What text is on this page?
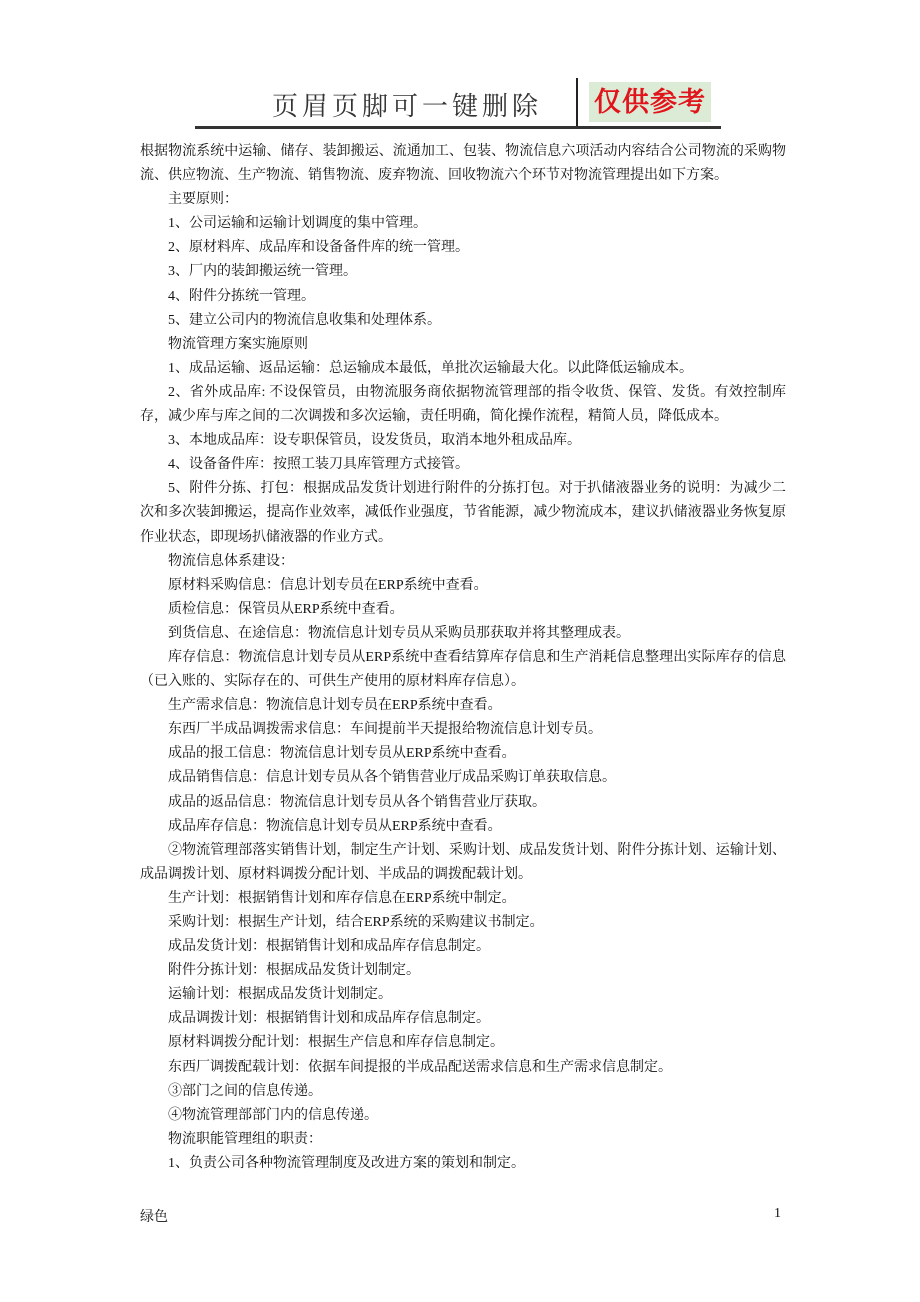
页眉页脚可一键删除 仅供参考

根据物流系统中运输、储存、装卸搬运、流通加工、包装、物流信息六项活动内容结合公司物流的采购物流、供应物流、生产物流、销售物流、废弃物流、回收物流六个环节对物流管理提出如下方案。

主要原则：

1、公司运输和运输计划调度的集中管理。

2、原材料库、成品库和设备备件库的统一管理。

3、厂内的装卸搬运统一管理。

4、附件分拣统一管理。

5、建立公司内的物流信息收集和处理体系。

物流管理方案实施原则

1、成品运输、返品运输：总运输成本最低，单批次运输最大化。以此降低运输成本。

2、省外成品库: 不设保管员，由物流服务商依据物流管理部的指令收货、保管、发货。有效控制库存，减少库与库之间的二次调拨和多次运输，责任明确，简化操作流程，精简人员，降低成本。

3、本地成品库：设专职保管员，设发货员，取消本地外租成品库。

4、设备备件库：按照工装刀具库管理方式接管。

5、附件分拣、打包：根据成品发货计划进行附件的分拣打包。对于扒储液器业务的说明：为减少二次和多次装卸搬运，提高作业效率，减低作业强度，节省能源，减少物流成本，建议扒储液器业务恢复原作业状态，即现场扒储液器的作业方式。

物流信息体系建设：

原材料采购信息：信息计划专员在ERP系统中查看。

质检信息：保管员从ERP系统中查看。

到货信息、在途信息：物流信息计划专员从采购员那获取并将其整理成表。

库存信息：物流信息计划专员从ERP系统中查看结算库存信息和生产消耗信息整理出实际库存的信息（已入账的、实际存在的、可供生产使用的原材料库存信息）。

生产需求信息：物流信息计划专员在ERP系统中查看。

东西厂半成品调拨需求信息：车间提前半天提报给物流信息计划专员。

成品的报工信息：物流信息计划专员从ERP系统中查看。

成品销售信息：信息计划专员从各个销售营业厅成品采购订单获取信息。

成品的返品信息：物流信息计划专员从各个销售营业厅获取。

成品库存信息：物流信息计划专员从ERP系统中查看。

②物流管理部落实销售计划，制定生产计划、采购计划、成品发货计划、附件分拣计划、运输计划、成品调拨计划、原材料调拨分配计划、半成品的调拨配载计划。

生产计划：根据销售计划和库存信息在ERP系统中制定。

采购计划：根据生产计划，结合ERP系统的采购建议书制定。

成品发货计划：根据销售计划和成品库存信息制定。

附件分拣计划：根据成品发货计划制定。

运输计划：根据成品发货计划制定。

成品调拨计划：根据销售计划和成品库存信息制定。

原材料调拨分配计划：根据生产信息和库存信息制定。

东西厂调拨配载计划：依据车间提报的半成品配送需求信息和生产需求信息制定。

③部门之间的信息传递。

④物流管理部部门内的信息传递。

物流职能管理组的职责：

1、负责公司各种物流管理制度及改进方案的策划和制定。

绿色	1
